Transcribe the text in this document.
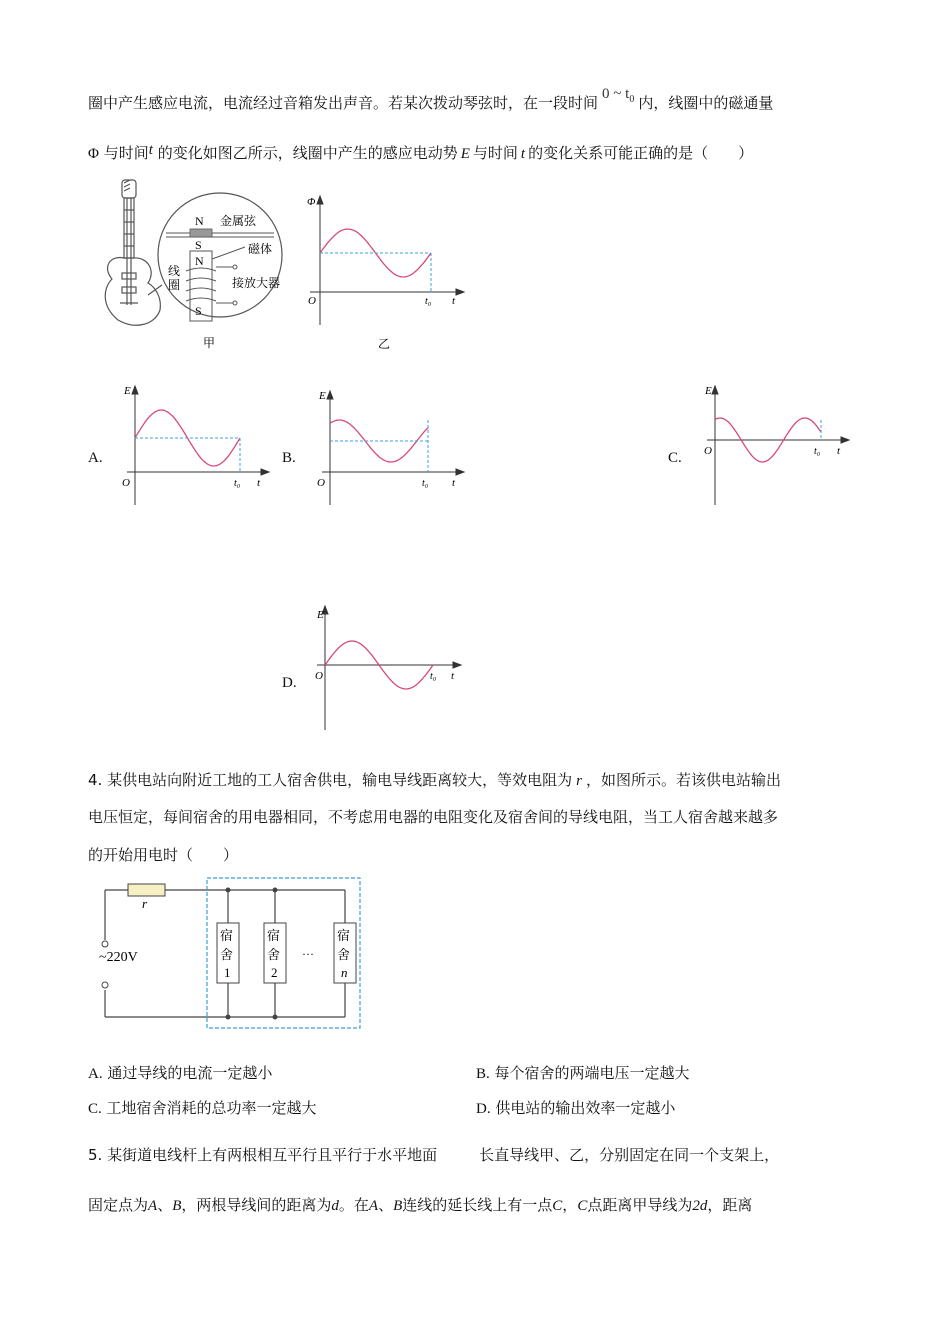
圈中产生感应电流，电流经过音箱发出声音。若某次拨动琴弦时，在一段时间 0 ~ $t_0$ 内，线圈中的磁通量
Φ 与时间t 的变化如图乙所示，线圈中产生的感应电动势 E 与时间 t 的变化关系可能正确的是（　　）
N 金属弦
S
N
S
磁体
线
圈	接放大器
甲
Φ
O	t₀ t
乙
A.
E
O	t₀ t
B.
E
O	t₀ t
C.
E
O	t₀ t
D.
E
O	t₀ t
4. 某供电站向附近工地的工人宿舍供电，输电导线距离较大，等效电阻为 r ，如图所示。若该供电站输出
电压恒定，每间宿舍的用电器相同，不考虑用电器的电阻变化及宿舍间的导线电阻，当工人宿舍越来越多
的开始用电时（　　）
r
~220V
宿
舍
1
宿
舍
2
···
宿
舍
n
A. 通过导线的电流一定越小	B. 每个宿舍的两端电压一定越大
C. 工地宿舍消耗的总功率一定越大	D. 供电站的输出效率一定越小
5. 某街道电线杆上有两根相互平行且平行于水平地面	长直导线甲、乙，分别固定在同一个支架上，
固定点为A、B，两根导线间的距离为d。在A、B连线的延长线上有一点C，C点距离甲导线为2d，距离
